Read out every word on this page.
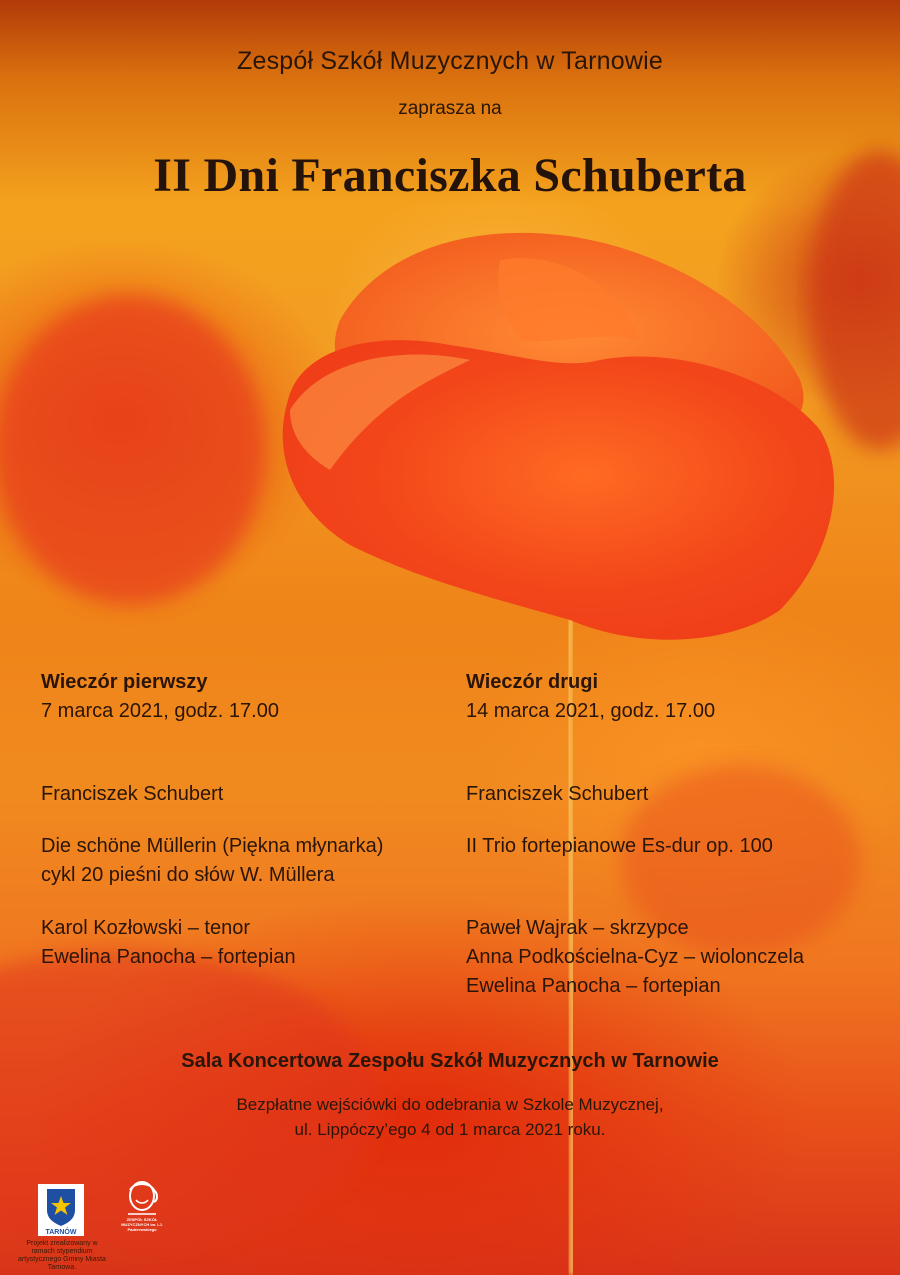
Zespół Szkół Muzycznych w Tarnowie
zaprasza na
II Dni Franciszka Schuberta
Wieczór pierwszy
7 marca 2021, godz. 17.00
Franciszek Schubert
Die schöne Müllerin (Piękna młynarka)
cykl 20 pieśni do słów W. Müllera
Karol Kozłowski – tenor
Ewelina Panocha – fortepian
Wieczór drugi
14 marca 2021, godz. 17.00
Franciszek Schubert
II Trio fortepianowe Es-dur op. 100
Paweł Wajrak – skrzypce
Anna Podkościelna-Cyz – wiolonczela
Ewelina Panocha – fortepian
Sala Koncertowa Zespołu Szkół Muzycznych w Tarnowie
Bezpłatne wejściówki do odebrania w Szkole Muzycznej,
ul. Lippóczy’ego 4 od 1 marca 2021 roku.
TARNÓW
Projekt zrealizowany w ramach stypendium artystycznego Gminy Miasta Tarnowa.
ZESPÓŁ SZKÓŁ MUZYCZNYCH im. I.J. Paderewskiego
